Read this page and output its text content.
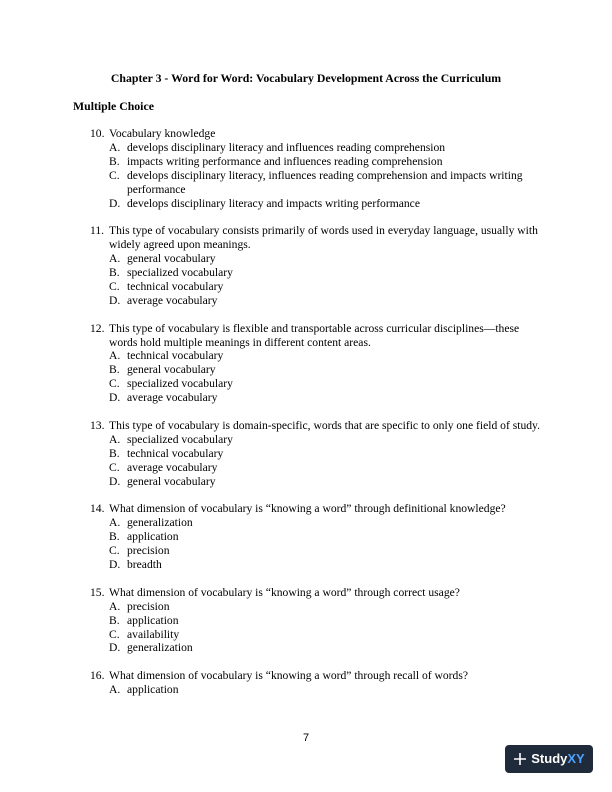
Chapter 3 - Word for Word: Vocabulary Development Across the Curriculum
Multiple Choice
10. Vocabulary knowledge
A. develops disciplinary literacy and influences reading comprehension
B. impacts writing performance and influences reading comprehension
C. develops disciplinary literacy, influences reading comprehension and impacts writing performance
D. develops disciplinary literacy and impacts writing performance
11. This type of vocabulary consists primarily of words used in everyday language, usually with widely agreed upon meanings.
A. general vocabulary
B. specialized vocabulary
C. technical vocabulary
D. average vocabulary
12. This type of vocabulary is flexible and transportable across curricular disciplines—these words hold multiple meanings in different content areas.
A. technical vocabulary
B. general vocabulary
C. specialized vocabulary
D. average vocabulary
13. This type of vocabulary is domain-specific, words that are specific to only one field of study.
A. specialized vocabulary
B. technical vocabulary
C. average vocabulary
D. general vocabulary
14. What dimension of vocabulary is “knowing a word” through definitional knowledge?
A. generalization
B. application
C. precision
D. breadth
15. What dimension of vocabulary is “knowing a word” through correct usage?
A. precision
B. application
C. availability
D. generalization
16. What dimension of vocabulary is “knowing a word” through recall of words?
A. application
7
StudyXY
